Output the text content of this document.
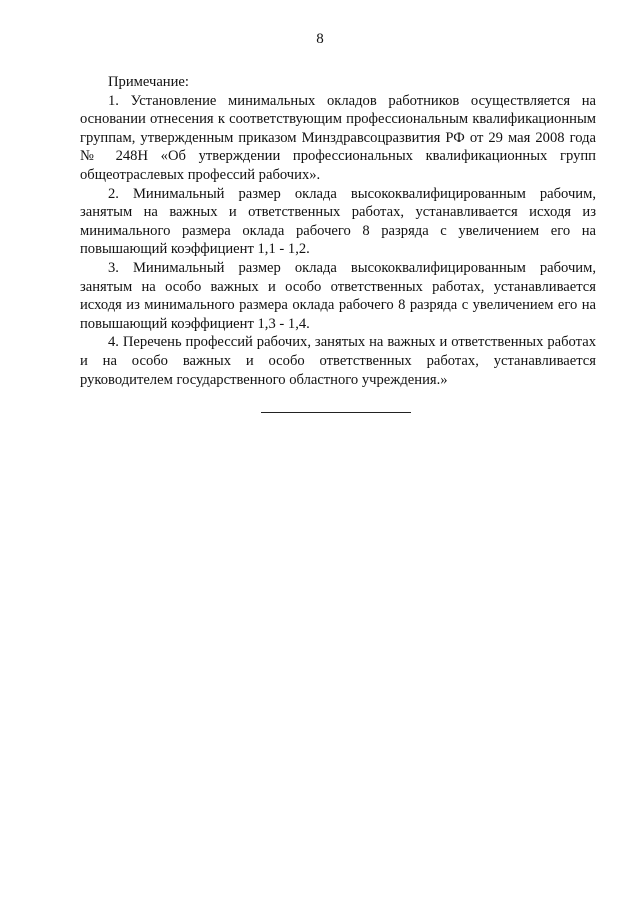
8

Примечание:

1. Установление минимальных окладов работников осуществляется на основании отнесения к соответствующим профессиональным квалификационным группам, утвержденным приказом Минздравсоцразвития РФ от 29 мая 2008 года № 248Н «Об утверждении профессиональных квалификационных групп общеотраслевых профессий рабочих».

2. Минимальный размер оклада высококвалифицированным рабочим, занятым на важных и ответственных работах, устанавливается исходя из минимального размера оклада рабочего 8 разряда с увеличением его на повышающий коэффициент 1,1 - 1,2.

3. Минимальный размер оклада высококвалифицированным рабочим, занятым на особо важных и особо ответственных работах, устанавливается исходя из минимального размера оклада рабочего 8 разряда с увеличением его на повышающий коэффициент 1,3 - 1,4.

4. Перечень профессий рабочих, занятых на важных и ответственных работах и на особо важных и особо ответственных работах, устанавливается руководителем государственного областного учреждения.»
